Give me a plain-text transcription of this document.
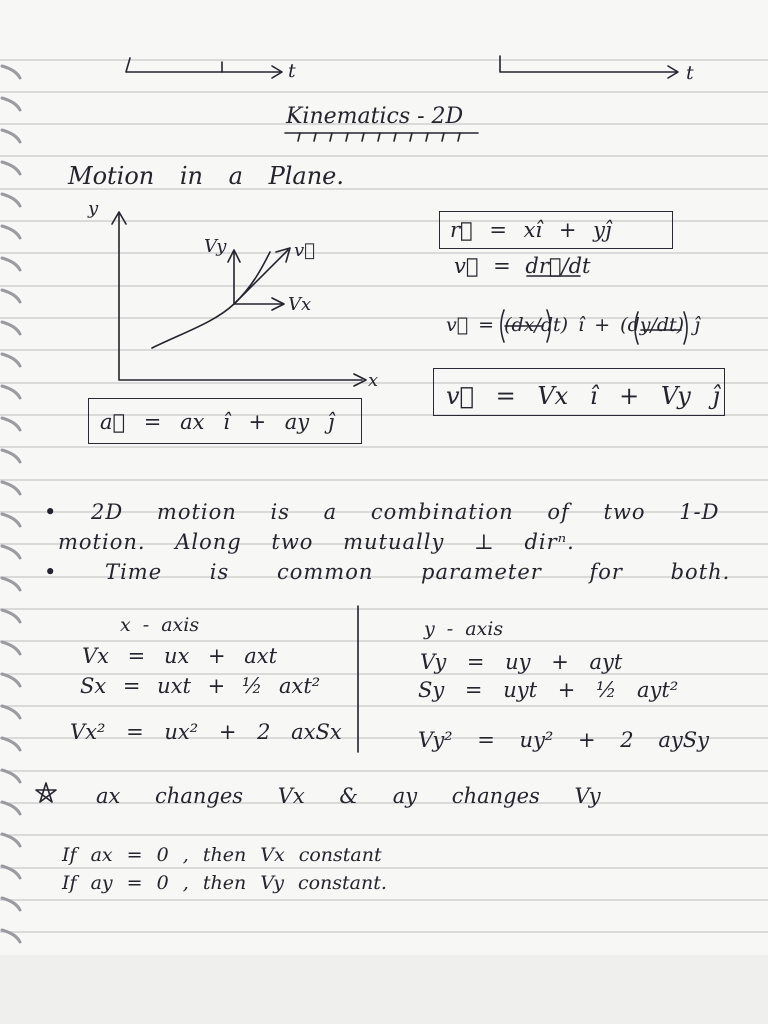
t	t
Kinematics - 2D
Motion in a Plane.
y
x
Vy	v⃗
Vx
r⃗ = xî + yĵ
v⃗ = dr⃗/dt
v⃗ = (dx/dt) î + (dy/dt) ĵ
v⃗ = Vx î + Vy ĵ
a⃗ = ax î + ay ĵ
• 2D motion is a combination of two 1-D
motion. Along two mutually ⊥ dirⁿ.
• Time is common parameter for both.
x - axis	y - axis
Vx = ux + axt
Sx = uxt + ½ axt²
Vx² = ux² + 2 axSx
Vy = uy + ayt
Sy = uyt + ½ ayt²
Vy² = uy² + 2 aySy
ax changes Vx & ay changes Vy
If ax = 0 , then Vx constant
If ay = 0 , then Vy constant.
